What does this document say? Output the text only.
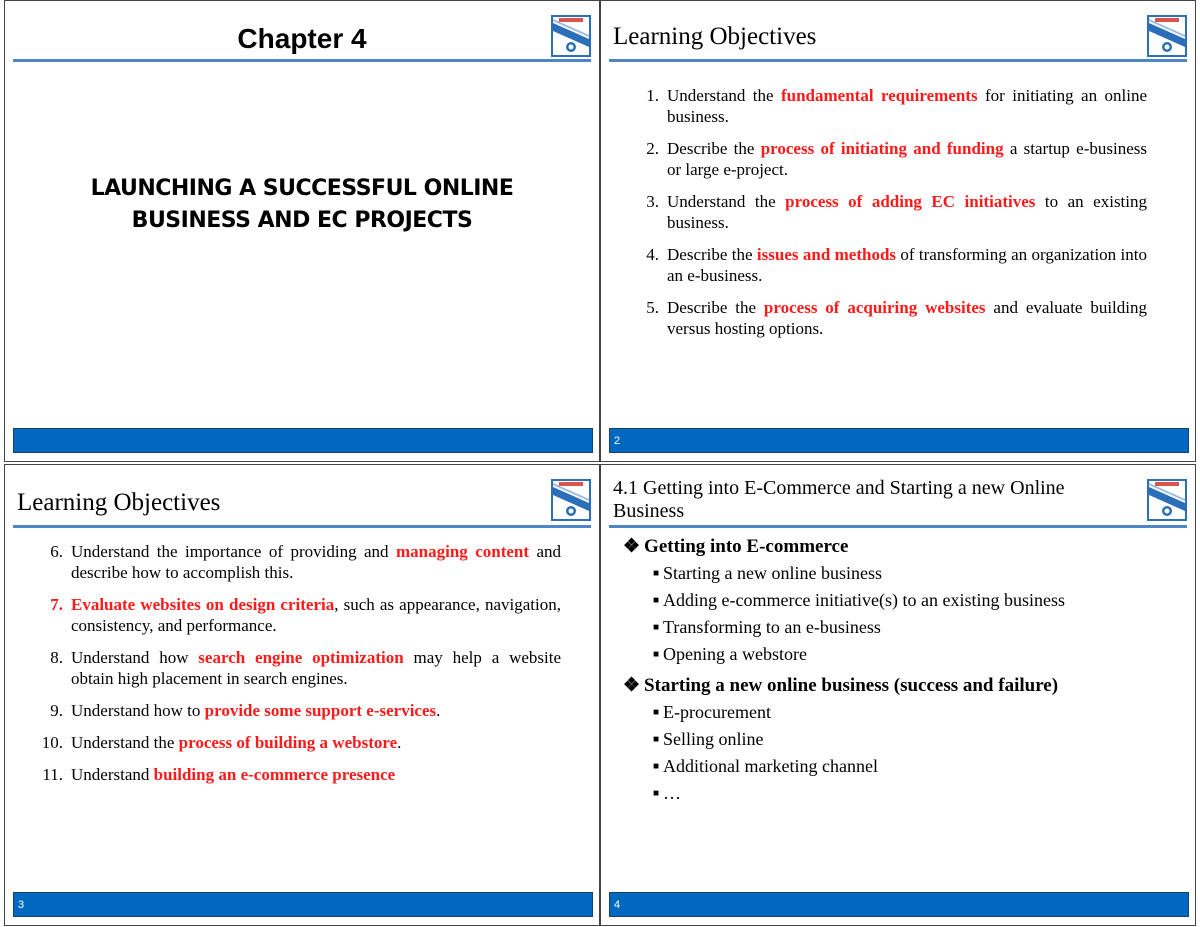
Chapter 4
LAUNCHING A SUCCESSFUL ONLINE
BUSINESS AND EC PROJECTS
Learning Objectives
1. Understand the fundamental requirements for initiating an online business.
2. Describe the process of initiating and funding a startup e-business or large e-project.
3. Understand the process of adding EC initiatives to an existing business.
4. Describe the issues and methods of transforming an organization into an e-business.
5. Describe the process of acquiring websites and evaluate building versus hosting options.
2
Learning Objectives
6. Understand the importance of providing and managing content and describe how to accomplish this.
7. Evaluate websites on design criteria, such as appearance, navigation, consistency, and performance.
8. Understand how search engine optimization may help a website obtain high placement in search engines.
9. Understand how to provide some support e-services.
10. Understand the process of building a webstore.
11. Understand building an e-commerce presence
3
4.1 Getting into E-Commerce and Starting a new Online Business
❖ Getting into E-commerce
■ Starting a new online business
■ Adding e-commerce initiative(s) to an existing business
■ Transforming to an e-business
■ Opening a webstore
❖ Starting a new online business (success and failure)
■ E-procurement
■ Selling online
■ Additional marketing channel
■ …
4
